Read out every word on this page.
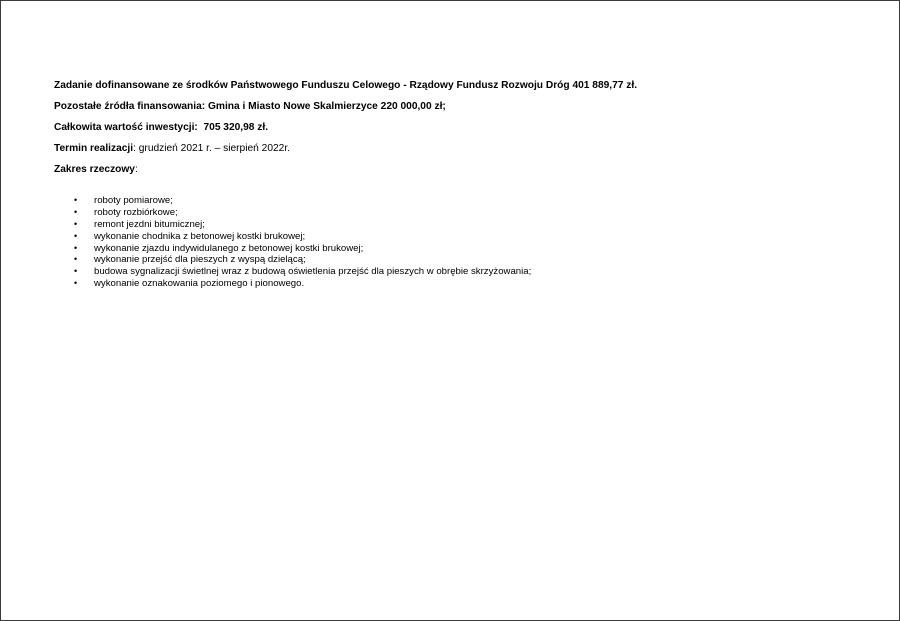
Zadanie dofinansowane ze środków Państwowego Funduszu Celowego - Rządowy Fundusz Rozwoju Dróg 401 889,77 zł.

Pozostałe źródła finansowania: Gmina i Miasto Nowe Skalmierzyce 220 000,00 zł;

Całkowita wartość inwestycji: 705 320,98 zł.

Termin realizacji: grudzień 2021 r. – sierpień 2022r.

Zakres rzeczowy:

• roboty pomiarowe;
• roboty rozbiórkowe;
• remont jezdni bitumicznej;
• wykonanie chodnika z betonowej kostki brukowej;
• wykonanie zjazdu indywidulanego z betonowej kostki brukowej;
• wykonanie przejść dla pieszych z wyspą dzielącą;
• budowa sygnalizacji świetlnej wraz z budową oświetlenia przejść dla pieszych w obrębie skrzyżowania;
• wykonanie oznakowania poziomego i pionowego.
